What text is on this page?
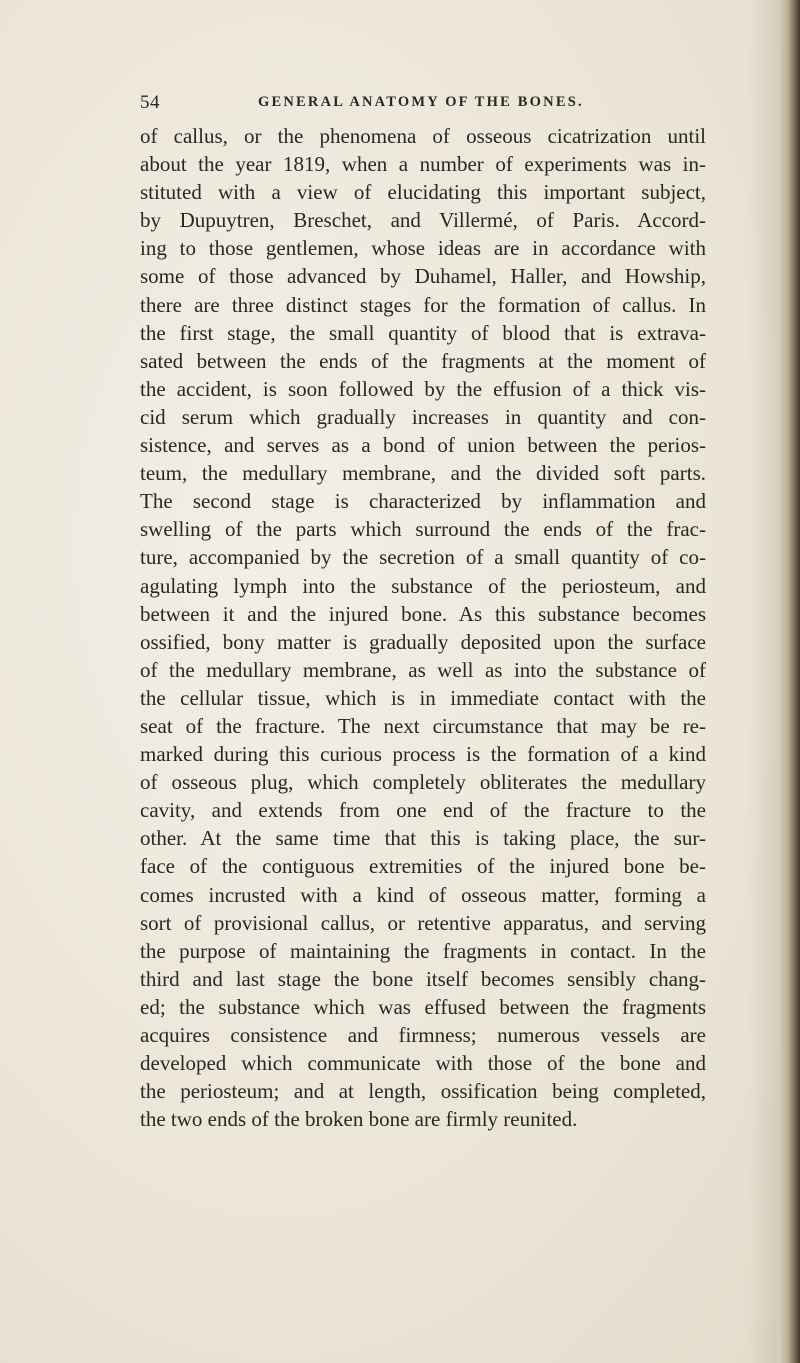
54	GENERAL ANATOMY OF THE BONES.
of callus, or the phenomena of osseous cicatrization until
about the year 1819, when a number of experiments was in-
stituted with a view of elucidating this important subject,
by Dupuytren, Breschet, and Villermé, of Paris. Accord-
ing to those gentlemen, whose ideas are in accordance with
some of those advanced by Duhamel, Haller, and Howship,
there are three distinct stages for the formation of callus. In
the first stage, the small quantity of blood that is extrava-
sated between the ends of the fragments at the moment of
the accident, is soon followed by the effusion of a thick vis-
cid serum which gradually increases in quantity and con-
sistence, and serves as a bond of union between the perios-
teum, the medullary membrane, and the divided soft parts.
The second stage is characterized by inflammation and
swelling of the parts which surround the ends of the frac-
ture, accompanied by the secretion of a small quantity of co-
agulating lymph into the substance of the periosteum, and
between it and the injured bone. As this substance becomes
ossified, bony matter is gradually deposited upon the surface
of the medullary membrane, as well as into the substance of
the cellular tissue, which is in immediate contact with the
seat of the fracture. The next circumstance that may be re-
marked during this curious process is the formation of a kind
of osseous plug, which completely obliterates the medullary
cavity, and extends from one end of the fracture to the
other. At the same time that this is taking place, the sur-
face of the contiguous extremities of the injured bone be-
comes incrusted with a kind of osseous matter, forming a
sort of provisional callus, or retentive apparatus, and serving
the purpose of maintaining the fragments in contact. In the
third and last stage the bone itself becomes sensibly chang-
ed; the substance which was effused between the fragments
acquires consistence and firmness; numerous vessels are
developed which communicate with those of the bone and
the periosteum; and at length, ossification being completed,
the two ends of the broken bone are firmly reunited.
